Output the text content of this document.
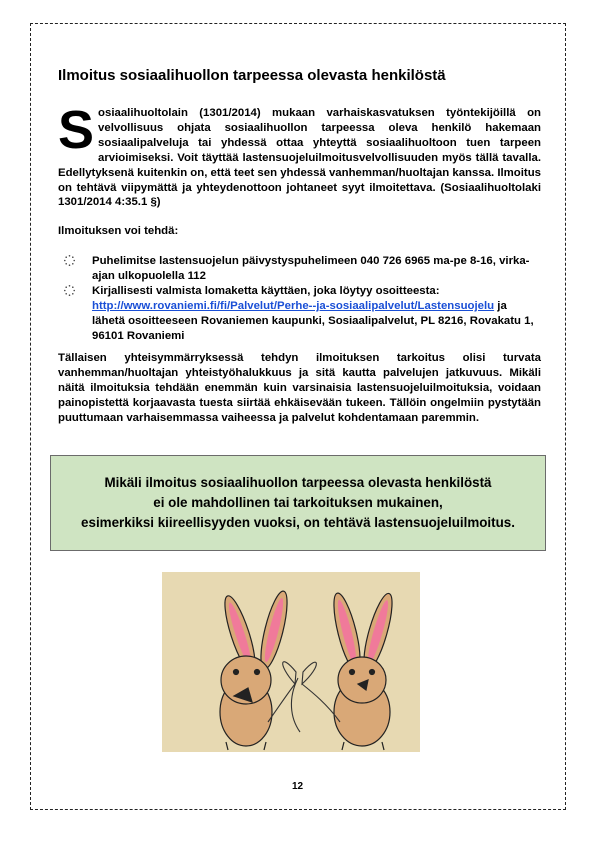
Ilmoitus sosiaalihuollon tarpeessa olevasta henkilöstä

Sosiaalihuoltolain (1301/2014) mukaan varhaiskasvatuksen työntekijöillä on velvollisuus ohjata sosiaalihuollon tarpeessa oleva henkilö hakemaan sosiaalipalveluja tai yhdessä ottaa yhteyttä sosiaalihuoltoon tuen tarpeen arvioimiseksi. Voit täyttää lastensuojeluilmoitusvelvollisuuden myös tällä tavalla. Edellytyksenä kuitenkin on, että teet sen yhdessä vanhemman/huoltajan kanssa. Ilmoitus on tehtävä viipymättä ja yhteydenottoon johtaneet syyt ilmoitettava. (Sosiaalihuoltolaki 1301/2014 4:35.1 §)

Ilmoituksen voi tehdä:

Puhelimitse lastensuojelun päivystyspuhelimeen 040 726 6965 ma-pe 8-16, virka-ajan ulkopuolella 112
Kirjallisesti valmista lomaketta käyttäen, joka löytyy osoitteesta: http://www.rovaniemi.fi/fi/Palvelut/Perhe--ja-sosiaalipalvelut/Lastensuojelu ja lähetä osoitteeseen Rovaniemen kaupunki, Sosiaalipalvelut, PL 8216, Rovakatu 1, 96101 Rovaniemi

Tällaisen yhteisymmärryksessä tehdyn ilmoituksen tarkoitus olisi turvata vanhemman/huoltajan yhteistyöhalukkuus ja sitä kautta palvelujen jatkuvuus. Mikäli näitä ilmoituksia tehdään enemmän kuin varsinaisia lastensuojeluilmoituksia, voidaan painopistettä korjaavasta tuesta siirtää ehkäisevään tukeen. Tällöin ongelmiin pystytään puuttumaan varhaisemmassa vaiheessa ja palvelut kohdentamaan paremmin.

Mikäli ilmoitus sosiaalihuollon tarpeessa olevasta henkilöstä
ei ole mahdollinen tai tarkoituksen mukainen,
esimerkiksi kiireellisyyden vuoksi, on tehtävä lastensuojeluilmoitus.

12
